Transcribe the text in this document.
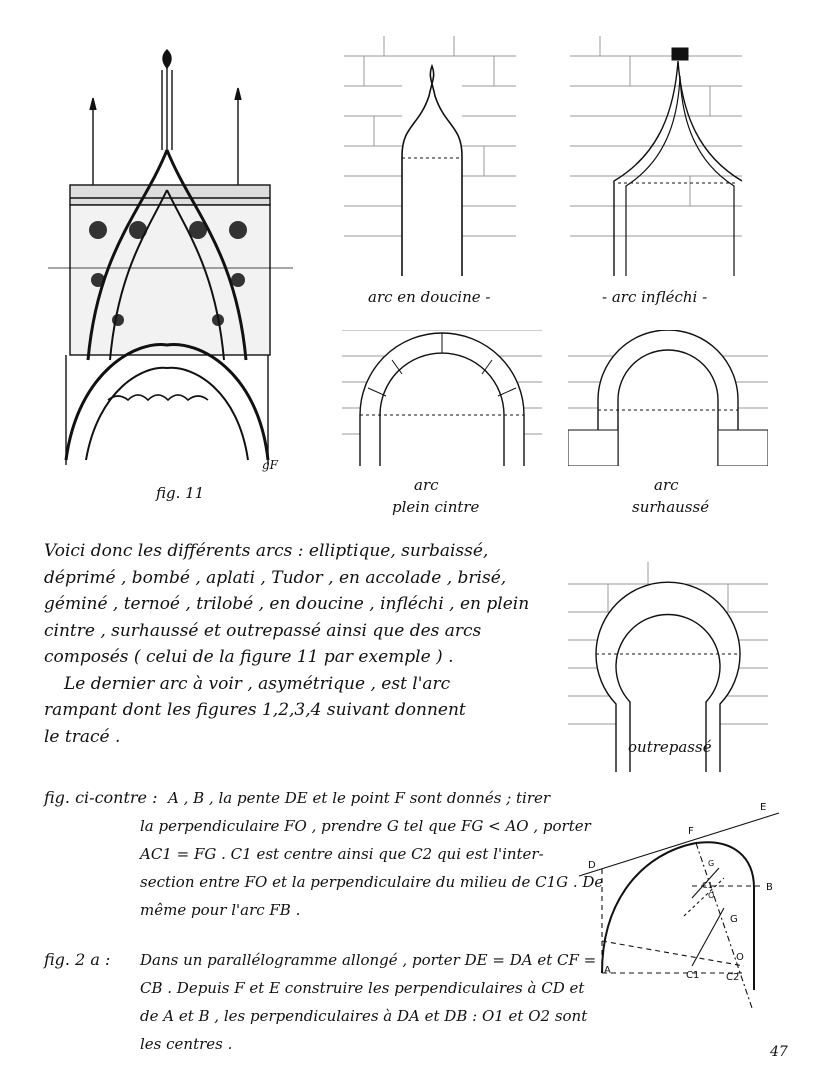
gF
fig. 11
arc en doucine -	- arc infléchi -
arc
plein cintre
arc
surhaussé
outrepassé
Voici donc les différents arcs : elliptique, surbaissé,
déprimé , bombé , aplati , Tudor , en accolade , brisé,
géminé , ternoé , trilobé , en doucine , infléchi , en plein
cintre , surhaussé et outrepassé ainsi que des arcs
composés ( celui de la figure 11 par exemple ) .
Le dernier arc à voir , asymétrique , est l'arc
rampant dont les figures 1,2,3,4 suivant donnent
le tracé .
fig. ci-contre : A , B , la pente DE et le point F sont donnés ; tirer
la perpendiculaire FO , prendre G tel que FG < AO , porter
AC1 = FG . C1 est centre ainsi que C2 qui est l'inter-
section entre FO et la perpendiculaire du milieu de C1G . De
même pour l'arc FB .
E
F
D
B
A	C1	C2
G
O
C1
G
O
fig. 2 a : Dans un parallélogramme allongé , porter DE = DA et CF =
CB . Depuis F et E construire les perpendiculaires à CD et
de A et B , les perpendiculaires à DA et DB : O1 et O2 sont
les centres .	47
